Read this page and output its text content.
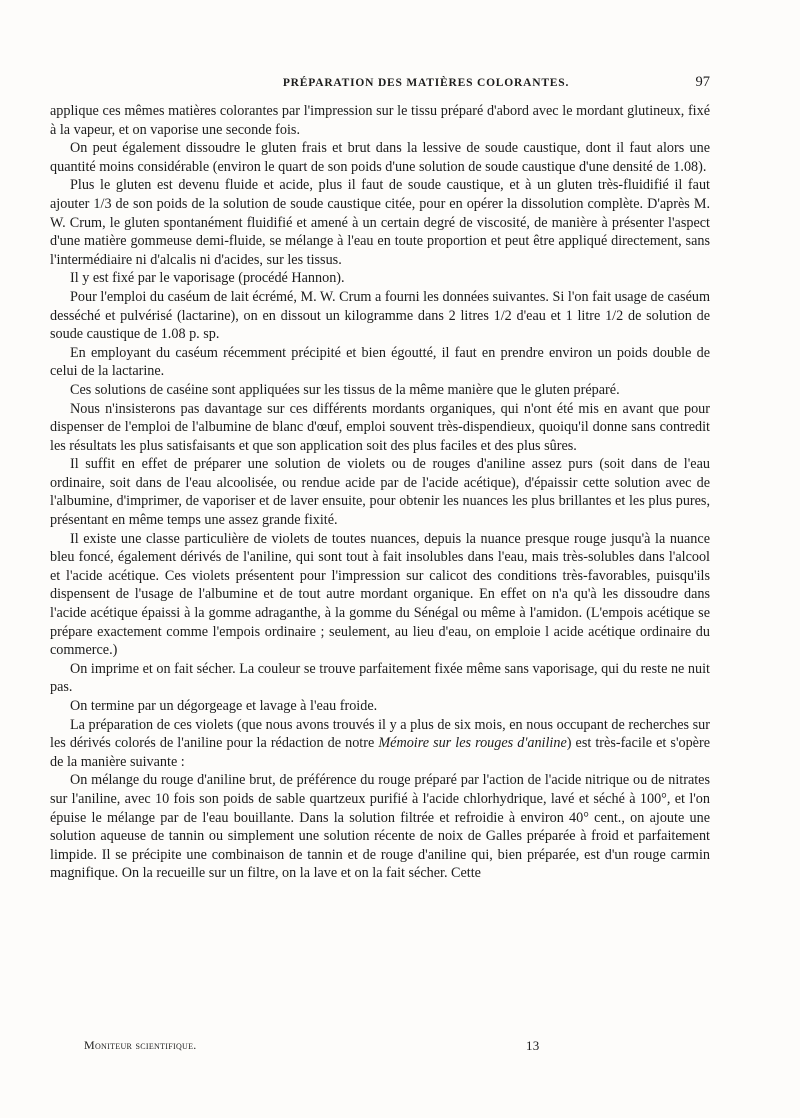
PRÉPARATION DES MATIÈRES COLORANTES.	97

applique ces mêmes matières colorantes par l'impression sur le tissu préparé d'abord avec le mordant glutineux, fixé à la vapeur, et on vaporise une seconde fois.

On peut également dissoudre le gluten frais et brut dans la lessive de soude caustique, dont il faut alors une quantité moins considérable (environ le quart de son poids d'une solution de soude caustique d'une densité de 1.08).

Plus le gluten est devenu fluide et acide, plus il faut de soude caustique, et à un gluten très-fluidifié il faut ajouter 1/3 de son poids de la solution de soude caustique citée, pour en opérer la dissolution complète. D'après M. W. Crum, le gluten spontanément fluidifié et amené à un certain degré de viscosité, de manière à présenter l'aspect d'une matière gommeuse demi-fluide, se mélange à l'eau en toute proportion et peut être appliqué directement, sans l'intermédiaire ni d'alcalis ni d'acides, sur les tissus.

Il y est fixé par le vaporisage (procédé Hannon).

Pour l'emploi du caséum de lait écrémé, M. W. Crum a fourni les données suivantes. Si l'on fait usage de caséum desséché et pulvérisé (lactarine), on en dissout un kilogramme dans 2 litres 1/2 d'eau et 1 litre 1/2 de solution de soude caustique de 1.08 p. sp.

En employant du caséum récemment précipité et bien égoutté, il faut en prendre environ un poids double de celui de la lactarine.

Ces solutions de caséine sont appliquées sur les tissus de la même manière que le gluten préparé.

Nous n'insisterons pas davantage sur ces différents mordants organiques, qui n'ont été mis en avant que pour dispenser de l'emploi de l'albumine de blanc d'œuf, emploi souvent très-dispendieux, quoiqu'il donne sans contredit les résultats les plus satisfaisants et que son application soit des plus faciles et des plus sûres.

Il suffit en effet de préparer une solution de violets ou de rouges d'aniline assez purs (soit dans de l'eau ordinaire, soit dans de l'eau alcoolisée, ou rendue acide par de l'acide acétique), d'épaissir cette solution avec de l'albumine, d'imprimer, de vaporiser et de laver ensuite, pour obtenir les nuances les plus brillantes et les plus pures, présentant en même temps une assez grande fixité.

Il existe une classe particulière de violets de toutes nuances, depuis la nuance presque rouge jusqu'à la nuance bleu foncé, également dérivés de l'aniline, qui sont tout à fait insolubles dans l'eau, mais très-solubles dans l'alcool et l'acide acétique. Ces violets présentent pour l'impression sur calicot des conditions très-favorables, puisqu'ils dispensent de l'usage de l'albumine et de tout autre mordant organique. En effet on n'a qu'à les dissoudre dans l'acide acétique épaissi à la gomme adraganthe, à la gomme du Sénégal ou même à l'amidon. (L'empois acétique se prépare exactement comme l'empois ordinaire ; seulement, au lieu d'eau, on emploie l acide acétique ordinaire du commerce.)

On imprime et on fait sécher. La couleur se trouve parfaitement fixée même sans vaporisage, qui du reste ne nuit pas.

On termine par un dégorgeage et lavage à l'eau froide.

La préparation de ces violets (que nous avons trouvés il y a plus de six mois, en nous occupant de recherches sur les dérivés colorés de l'aniline pour la rédaction de notre Mémoire sur les rouges d'aniline) est très-facile et s'opère de la manière suivante :

On mélange du rouge d'aniline brut, de préférence du rouge préparé par l'action de l'acide nitrique ou de nitrates sur l'aniline, avec 10 fois son poids de sable quartzeux purifié à l'acide chlorhydrique, lavé et séché à 100°, et l'on épuise le mélange par de l'eau bouillante. Dans la solution filtrée et refroidie à environ 40° cent., on ajoute une solution aqueuse de tannin ou simplement une solution récente de noix de Galles préparée à froid et parfaitement limpide. Il se précipite une combinaison de tannin et de rouge d'aniline qui, bien préparée, est d'un rouge carmin magnifique. On la recueille sur un filtre, on la lave et on la fait sécher. Cette

Moniteur scientifique.	13
